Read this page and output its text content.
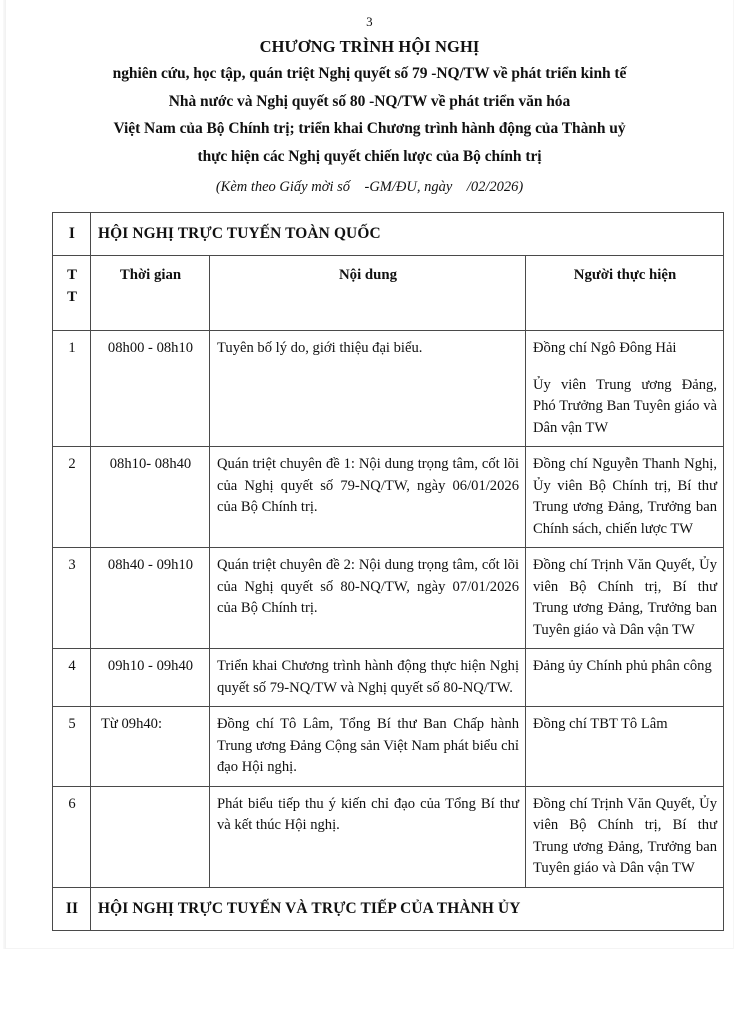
3
CHƯƠNG TRÌNH HỘI NGHỊ
nghiên cứu, học tập, quán triệt Nghị quyết số 79 -NQ/TW về phát triển kinh tế
Nhà nước và Nghị quyết số 80 -NQ/TW về phát triển văn hóa
Việt Nam của Bộ Chính trị; triển khai Chương trình hành động của Thành uỷ
thực hiện các Nghị quyết chiến lược của Bộ chính trị
(Kèm theo Giấy mời số    -GM/ĐU, ngày    /02/2026)
I	HỘI NGHỊ TRỰC TUYẾN TOÀN QUỐC		

T
T	Thời gian	Nội dung	Người thực hiện
1	08h00 - 08h10	Tuyên bố lý do, giới thiệu đại biểu.	Đồng chí Ngô Đông Hải

Ủy viên Trung ương Đảng, Phó Trưởng Ban Tuyên giáo và Dân vận TW

2	08h10- 08h40	Quán triệt chuyên đề 1: Nội dung trọng tâm, cốt lõi của Nghị quyết số 79-NQ/TW, ngày 06/01/2026 của Bộ Chính trị.	Đồng chí Nguyễn Thanh Nghị, Ủy viên Bộ Chính trị, Bí thư Trung ương Đảng, Trưởng ban Chính sách, chiến lược TW
3	08h40 - 09h10	Quán triệt chuyên đề 2: Nội dung trọng tâm, cốt lõi của Nghị quyết số 80-NQ/TW, ngày 07/01/2026 của Bộ Chính trị.	Đồng chí Trịnh Văn Quyết, Ủy viên Bộ Chính trị, Bí thư Trung ương Đảng, Trưởng ban Tuyên giáo và Dân vận TW
4	09h10 - 09h40	Triển khai Chương trình hành động thực hiện Nghị quyết số 79-NQ/TW và Nghị quyết số 80-NQ/TW.	Đảng ủy Chính phủ phân công
5	Từ 09h40:	Đồng chí Tô Lâm, Tổng Bí thư Ban Chấp hành Trung ương Đảng Cộng sản Việt Nam phát biểu chỉ đạo Hội nghị.	Đồng chí TBT Tô Lâm
6		Phát biểu tiếp thu ý kiến chỉ đạo của Tổng Bí thư và kết thúc Hội nghị.	Đồng chí Trịnh Văn Quyết, Ủy viên Bộ Chính trị, Bí thư Trung ương Đảng, Trưởng ban Tuyên giáo và Dân vận TW
II	HỘI NGHỊ TRỰC TUYẾN VÀ TRỰC TIẾP CỦA THÀNH ỦY		
